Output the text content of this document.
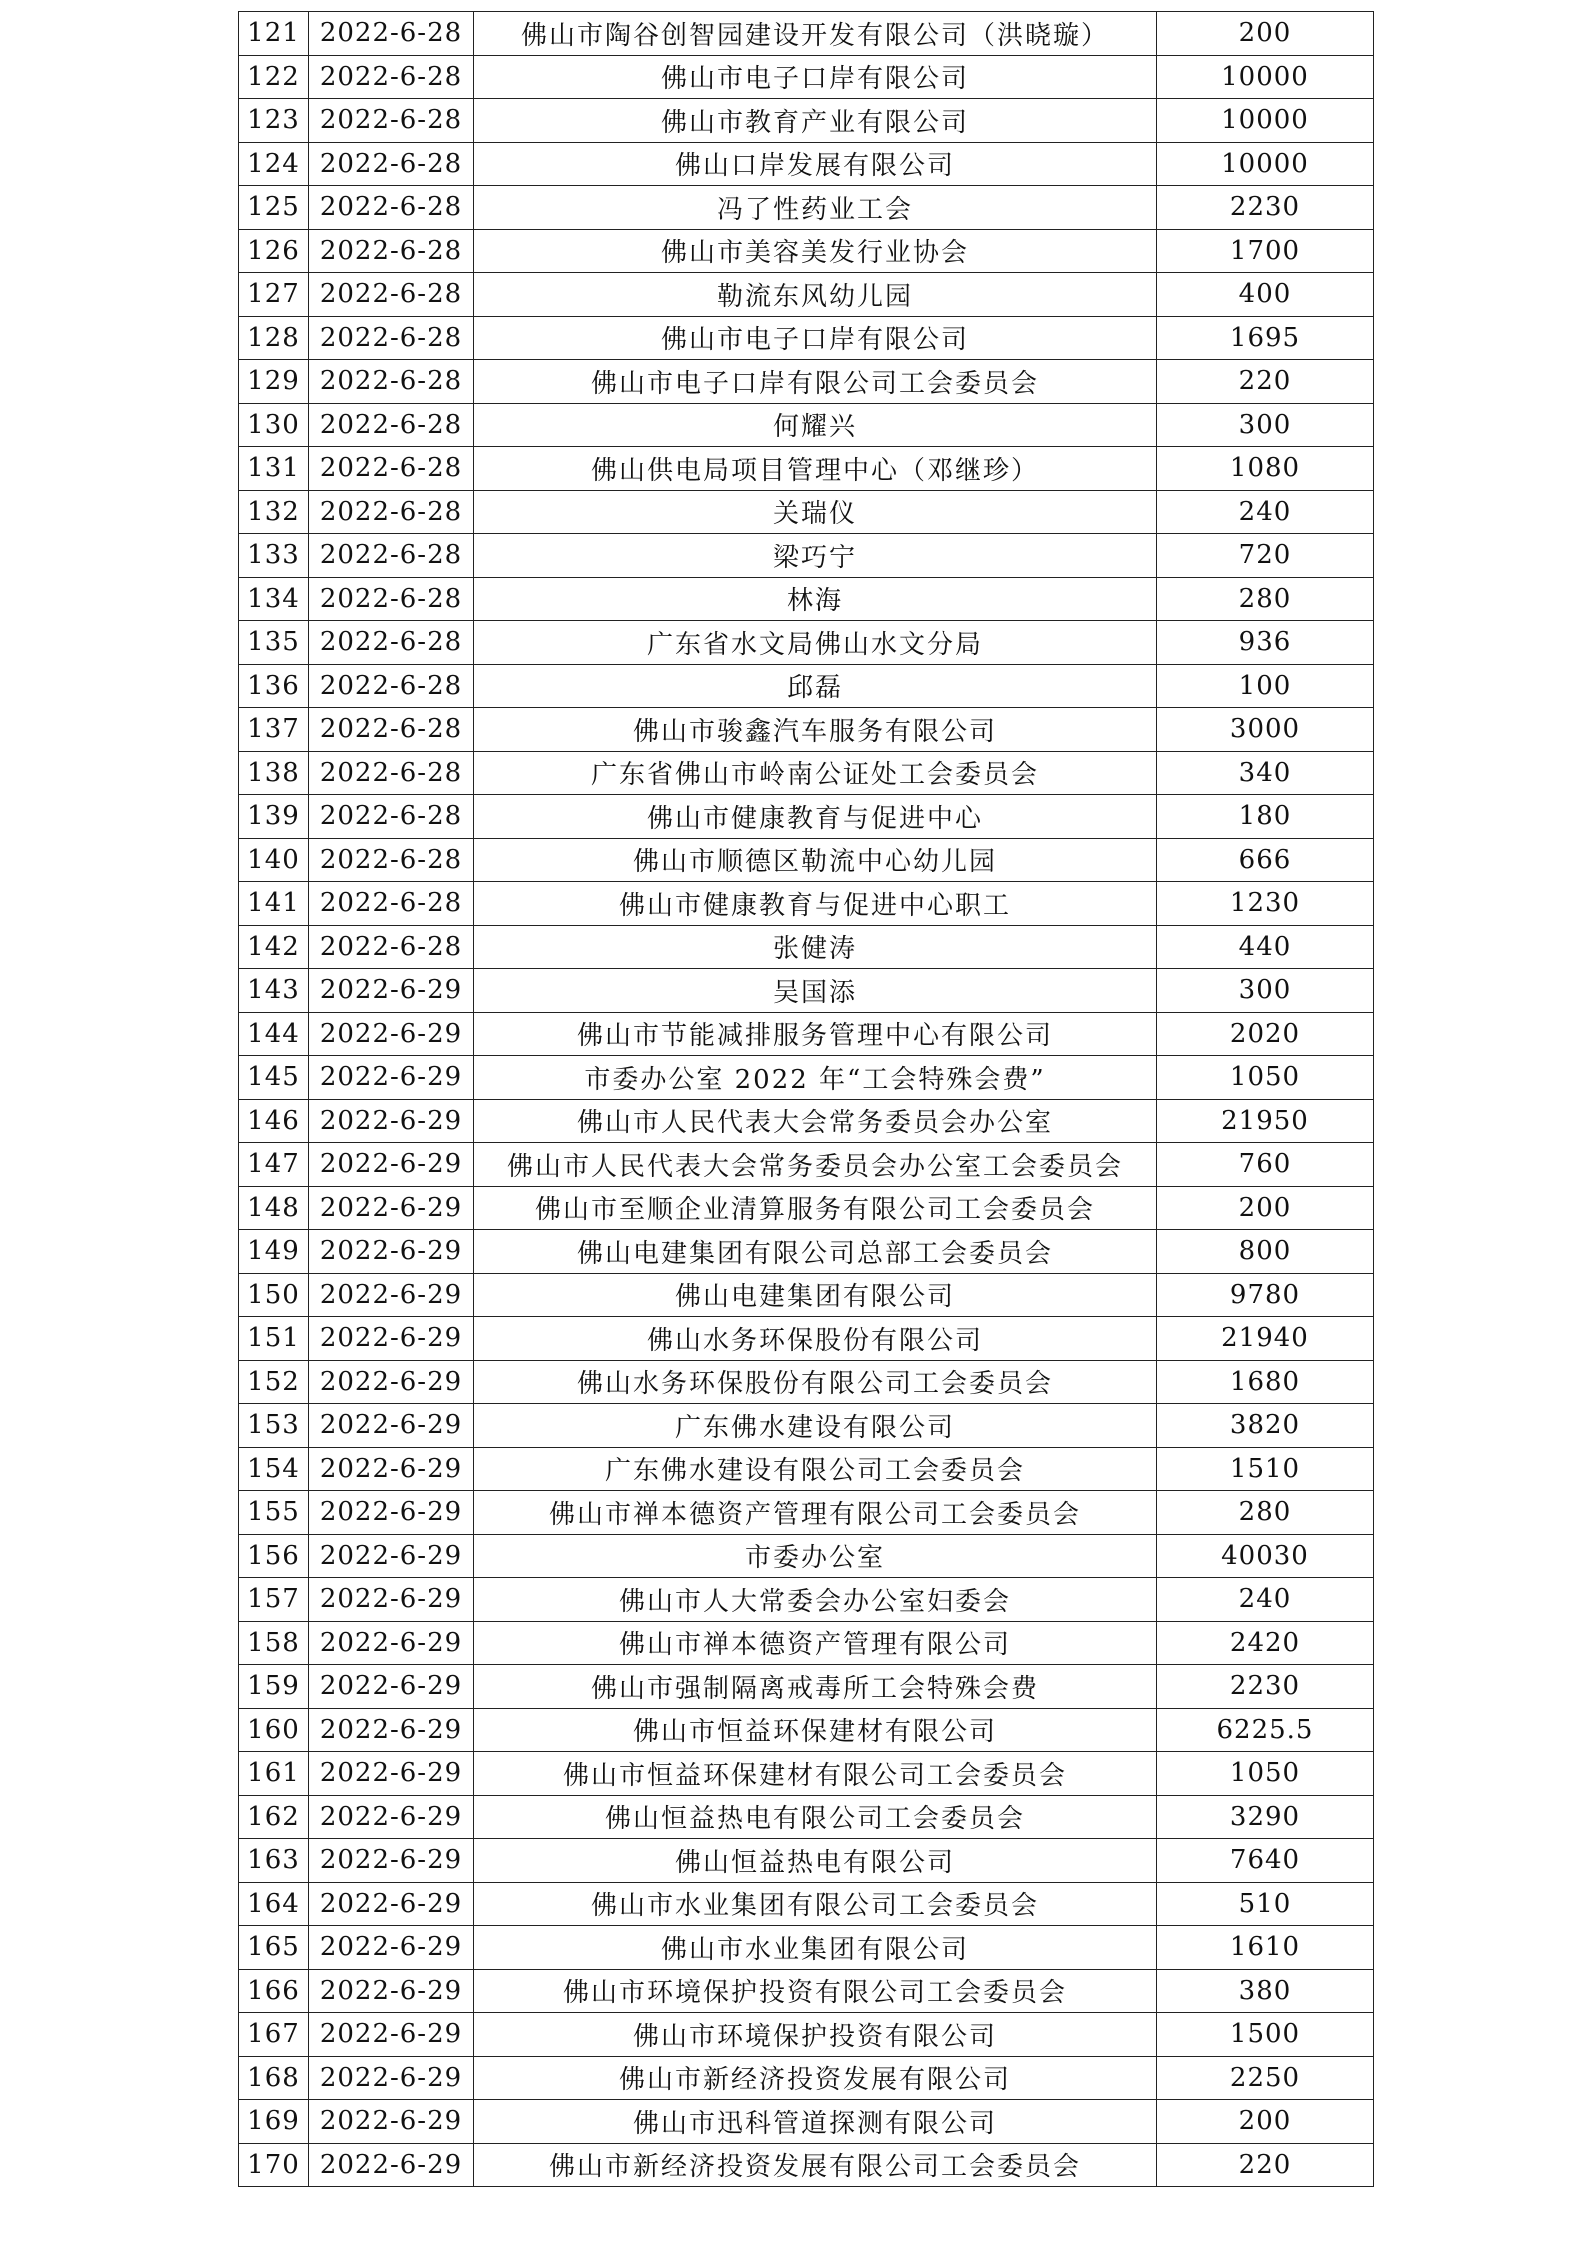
121	2022-6-28	佛山市陶谷创智园建设开发有限公司（洪晓璇）	200
122	2022-6-28	佛山市电子口岸有限公司	10000
123	2022-6-28	佛山市教育产业有限公司	10000
124	2022-6-28	佛山口岸发展有限公司	10000
125	2022-6-28	冯了性药业工会	2230
126	2022-6-28	佛山市美容美发行业协会	1700
127	2022-6-28	勒流东风幼儿园	400
128	2022-6-28	佛山市电子口岸有限公司	1695
129	2022-6-28	佛山市电子口岸有限公司工会委员会	220
130	2022-6-28	何耀兴	300
131	2022-6-28	佛山供电局项目管理中心（邓继珍）	1080
132	2022-6-28	关瑞仪	240
133	2022-6-28	梁巧宁	720
134	2022-6-28	林海	280
135	2022-6-28	广东省水文局佛山水文分局	936
136	2022-6-28	邱磊	100
137	2022-6-28	佛山市骏鑫汽车服务有限公司	3000
138	2022-6-28	广东省佛山市岭南公证处工会委员会	340
139	2022-6-28	佛山市健康教育与促进中心	180
140	2022-6-28	佛山市顺德区勒流中心幼儿园	666
141	2022-6-28	佛山市健康教育与促进中心职工	1230
142	2022-6-28	张健涛	440
143	2022-6-29	吴国添	300
144	2022-6-29	佛山市节能减排服务管理中心有限公司	2020
145	2022-6-29	市委办公室 2022 年“工会特殊会费”	1050
146	2022-6-29	佛山市人民代表大会常务委员会办公室	21950
147	2022-6-29	佛山市人民代表大会常务委员会办公室工会委员会	760
148	2022-6-29	佛山市至顺企业清算服务有限公司工会委员会	200
149	2022-6-29	佛山电建集团有限公司总部工会委员会	800
150	2022-6-29	佛山电建集团有限公司	9780
151	2022-6-29	佛山水务环保股份有限公司	21940
152	2022-6-29	佛山水务环保股份有限公司工会委员会	1680
153	2022-6-29	广东佛水建设有限公司	3820
154	2022-6-29	广东佛水建设有限公司工会委员会	1510
155	2022-6-29	佛山市禅本德资产管理有限公司工会委员会	280
156	2022-6-29	市委办公室	40030
157	2022-6-29	佛山市人大常委会办公室妇委会	240
158	2022-6-29	佛山市禅本德资产管理有限公司	2420
159	2022-6-29	佛山市强制隔离戒毒所工会特殊会费	2230
160	2022-6-29	佛山市恒益环保建材有限公司	6225.5
161	2022-6-29	佛山市恒益环保建材有限公司工会委员会	1050
162	2022-6-29	佛山恒益热电有限公司工会委员会	3290
163	2022-6-29	佛山恒益热电有限公司	7640
164	2022-6-29	佛山市水业集团有限公司工会委员会	510
165	2022-6-29	佛山市水业集团有限公司	1610
166	2022-6-29	佛山市环境保护投资有限公司工会委员会	380
167	2022-6-29	佛山市环境保护投资有限公司	1500
168	2022-6-29	佛山市新经济投资发展有限公司	2250
169	2022-6-29	佛山市迅科管道探测有限公司	200
170	2022-6-29	佛山市新经济投资发展有限公司工会委员会	220
